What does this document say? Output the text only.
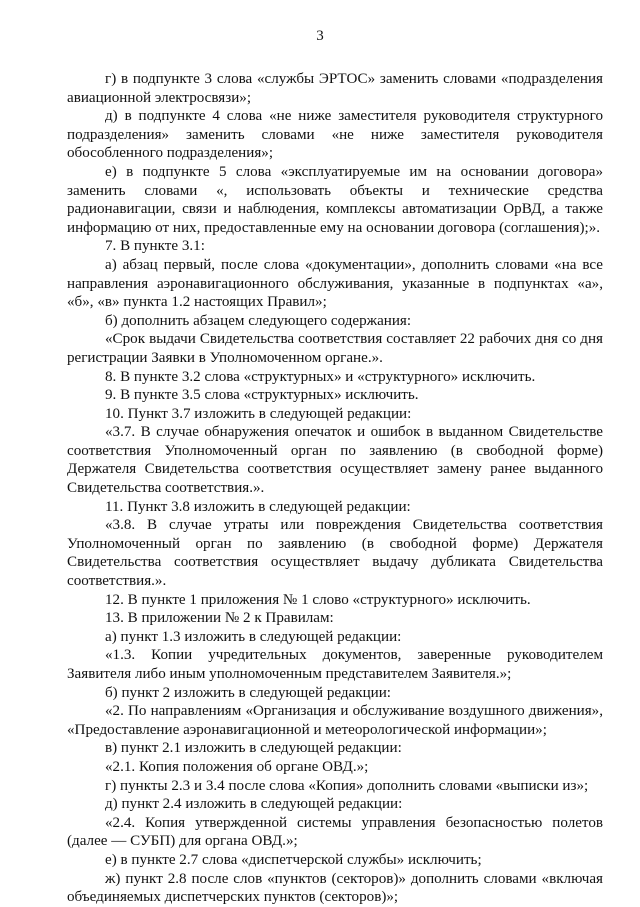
3

г) в подпункте 3 слова «службы ЭРТОС» заменить словами «подразделения авиационной электросвязи»;

д) в подпункте 4 слова «не ниже заместителя руководителя структурного подразделения» заменить словами «не ниже заместителя руководителя обособленного подразделения»;

е) в подпункте 5 слова «эксплуатируемые им на основании договора» заменить словами «, использовать объекты и технические средства радионавигации, связи и наблюдения, комплексы автоматизации ОрВД, а также информацию от них, предоставленные ему на основании договора (соглашения);».

7. В пункте 3.1:

а) абзац первый, после слова «документации», дополнить словами «на все направления аэронавигационного обслуживания, указанные в подпунктах «а», «б», «в» пункта 1.2 настоящих Правил»;

б) дополнить абзацем следующего содержания:

«Срок выдачи Свидетельства соответствия составляет 22 рабочих дня со дня регистрации Заявки в Уполномоченном органе.».

8. В пункте 3.2 слова «структурных» и «структурного» исключить.

9. В пункте 3.5 слова «структурных» исключить.

10. Пункт 3.7 изложить в следующей редакции:

«3.7. В случае обнаружения опечаток и ошибок в выданном Свидетельстве соответствия Уполномоченный орган по заявлению (в свободной форме) Держателя Свидетельства соответствия осуществляет замену ранее выданного Свидетельства соответствия.».

11. Пункт 3.8 изложить в следующей редакции:

«3.8. В случае утраты или повреждения Свидетельства соответствия Уполномоченный орган по заявлению (в свободной форме) Держателя Свидетельства соответствия осуществляет выдачу дубликата Свидетельства соответствия.».

12. В пункте 1 приложения № 1 слово «структурного» исключить.

13. В приложении № 2 к Правилам:

а) пункт 1.3 изложить в следующей редакции:

«1.3. Копии учредительных документов, заверенные руководителем Заявителя либо иным уполномоченным представителем Заявителя.»;

б) пункт 2 изложить в следующей редакции:

«2. По направлениям «Организация и обслуживание воздушного движения», «Предоставление аэронавигационной и метеорологической информации»;

в) пункт 2.1 изложить в следующей редакции:

«2.1. Копия положения об органе ОВД.»;

г) пункты 2.3 и 3.4 после слова «Копия» дополнить словами «выписки из»;

д) пункт 2.4 изложить в следующей редакции:

«2.4. Копия утвержденной системы управления безопасностью полетов (далее — СУБП) для органа ОВД.»;

е) в пункте 2.7 слова «диспетчерской службы» исключить;

ж) пункт 2.8 после слов «пунктов (секторов)» дополнить словами «включая объединяемых диспетчерских пунктов (секторов)»;
